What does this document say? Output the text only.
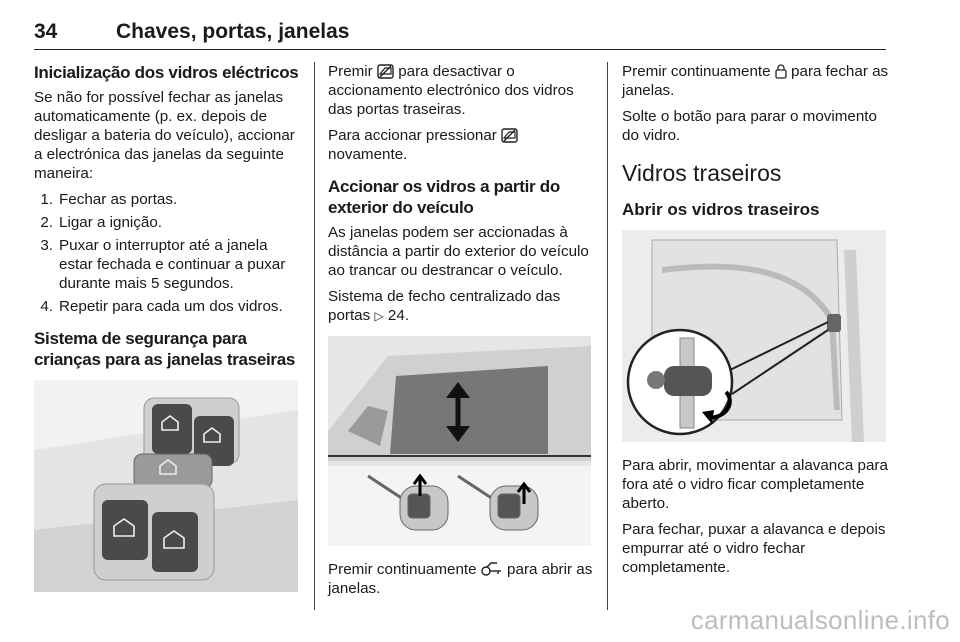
34	Chaves, portas, janelas
Inicialização dos vidros eléctricos

Se não for possível fechar as janelas automaticamente (p. ex. depois de desligar a bateria do veículo), accionar a electrónica das janelas da seguinte maneira:

1. Fechar as portas.
2. Ligar a ignição.
3. Puxar o interruptor até a janela estar fechada e continuar a puxar durante mais 5 segundos.
4. Repetir para cada um dos vidros.
Sistema de segurança para crianças para as janelas traseiras

Premir para desactivar o accionamento electrónico dos vidros das portas traseiras.

Para accionar pressionar
novamente.

Accionar os vidros a partir do exterior do veículo

As janelas podem ser accionadas à distância a partir do exterior do veículo ao trancar ou destrancar o veículo.

Sistema de fecho centralizado das portas ▷ 24.

Premir continuamente para abrir as janelas.

Premir continuamente para fechar as janelas.

Solte o botão para parar o movimento do vidro.

Vidros traseiros
Abrir os vidros traseiros

Para abrir, movimentar a alavanca para fora até o vidro ficar completamente aberto.

Para fechar, puxar a alavanca e depois empurrar até o vidro fechar completamente.

carmanualsonline.info
